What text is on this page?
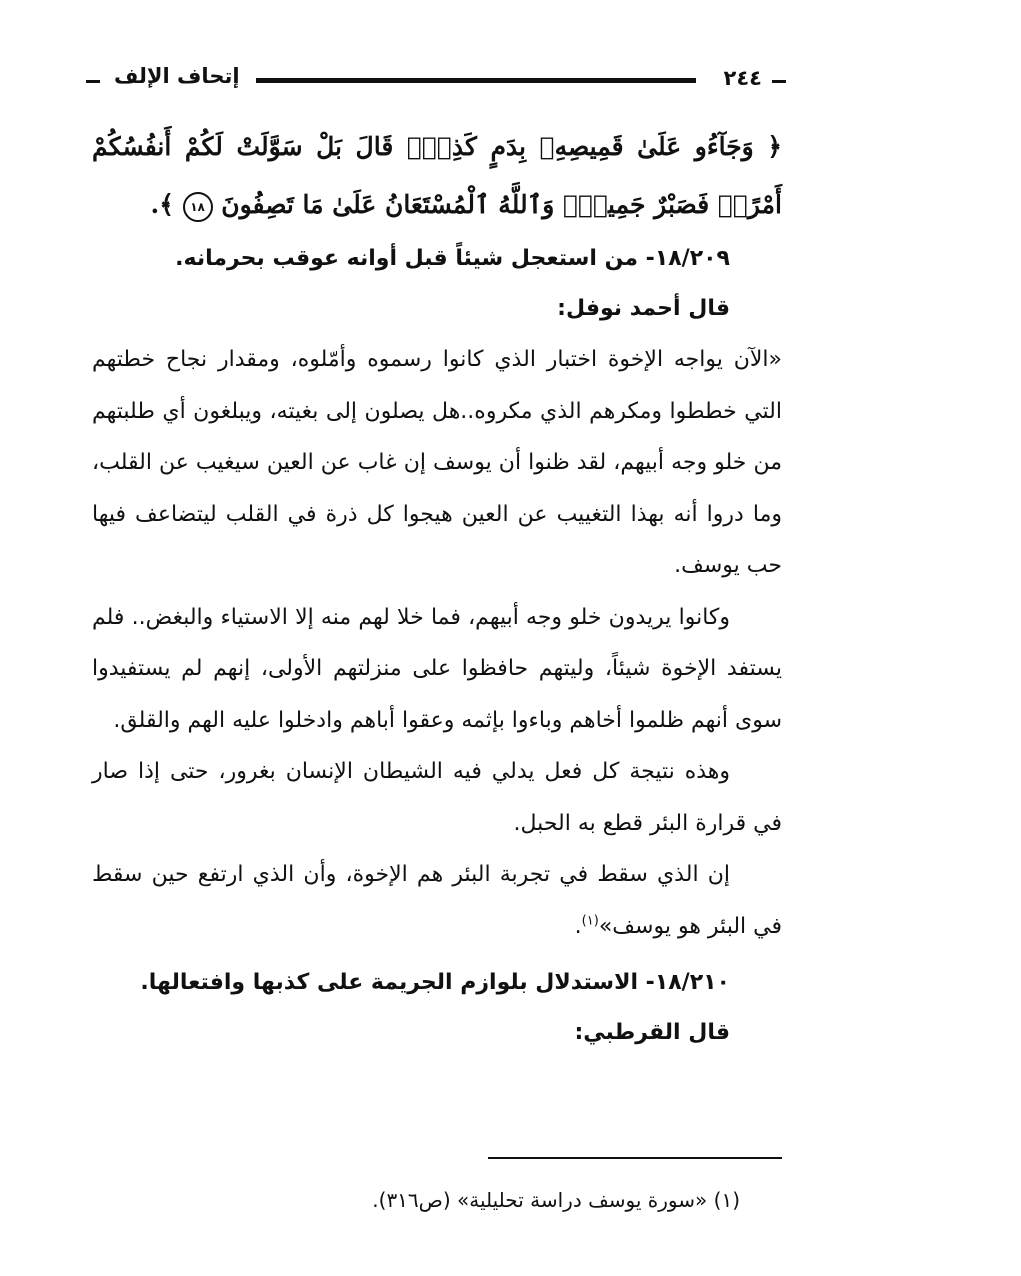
٢٤٤
إتحاف الإلف

﴿ وَجَآءُو عَلَىٰ قَمِيصِهِۦ بِدَمٍ كَذِبٍۚ قَالَ بَلْ سَوَّلَتْ لَكُمْ أَنفُسُكُمْ أَمْرًاۖ فَصَبْرٌ جَمِيلٌۖ وَٱللَّهُ ٱلْمُسْتَعَانُ عَلَىٰ مَا تَصِفُونَ ١٨ ﴾.

١٨/٢٠٩- من استعجل شيئاً قبل أوانه عوقب بحرمانه.

قال أحمد نوفل:

«الآن يواجه الإخوة اختبار الذي كانوا رسموه وأمّلوه، ومقدار نجاح خطتهم التي خططوا ومكرهم الذي مكروه..هل يصلون إلى بغيته، ويبلغون أي طلبتهم من خلو وجه أبيهم، لقد ظنوا أن يوسف إن غاب عن العين سيغيب عن القلب، وما دروا أنه بهذا التغييب عن العين هيجوا كل ذرة في القلب ليتضاعف فيها حب يوسف.

وكانوا يريدون خلو وجه أبيهم، فما خلا لهم منه إلا الاستياء والبغض.. فلم يستفد الإخوة شيئاً، وليتهم حافظوا على منزلتهم الأولى، إنهم لم يستفيدوا سوى أنهم ظلموا أخاهم وباءوا بإثمه وعقوا أباهم وادخلوا عليه الهم والقلق.

وهذه نتيجة كل فعل يدلي فيه الشيطان الإنسان بغرور، حتى إذا صار في قرارة البئر قطع به الحبل.

إن الذي سقط في تجربة البئر هم الإخوة، وأن الذي ارتفع حين سقط في البئر هو يوسف»$^{(١)}$.

١٨/٢١٠- الاستدلال بلوازم الجريمة على كذبها وافتعالها.

قال القرطبي:

(١) «سورة يوسف دراسة تحليلية» (ص٣١٦).
